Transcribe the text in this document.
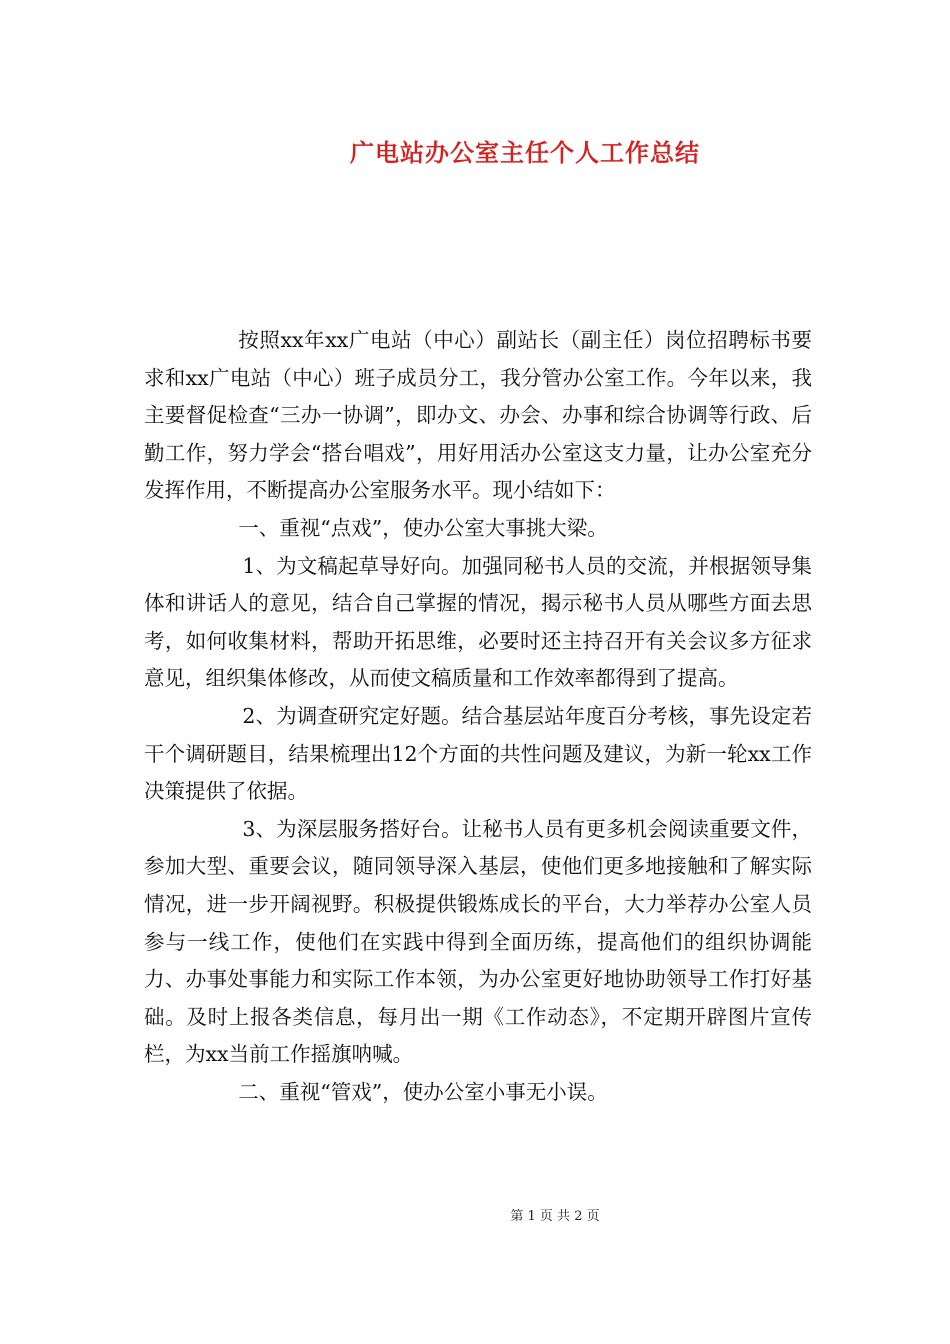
广电站办公室主任个人工作总结

按照xx年xx广电站（中心）副站长（副主任）岗位招聘标书要求和xx广电站（中心）班子成员分工，我分管办公室工作。今年以来，我主要督促检查“三办一协调”，即办文、办会、办事和综合协调等行政、后勤工作，努力学会“搭台唱戏”，用好用活办公室这支力量，让办公室充分发挥作用，不断提高办公室服务水平。现小结如下：

一、重视“点戏”，使办公室大事挑大梁。

1、为文稿起草导好向。加强同秘书人员的交流，并根据领导集体和讲话人的意见，结合自己掌握的情况，揭示秘书人员从哪些方面去思考，如何收集材料，帮助开拓思维，必要时还主持召开有关会议多方征求意见，组织集体修改，从而使文稿质量和工作效率都得到了提高。

2、为调查研究定好题。结合基层站年度百分考核，事先设定若干个调研题目，结果梳理出12个方面的共性问题及建议，为新一轮xx工作决策提供了依据。

3、为深层服务搭好台。让秘书人员有更多机会阅读重要文件，参加大型、重要会议，随同领导深入基层，使他们更多地接触和了解实际情况，进一步开阔视野。积极提供锻炼成长的平台，大力举荐办公室人员参与一线工作，使他们在实践中得到全面历练，提高他们的组织协调能力、办事处事能力和实际工作本领，为办公室更好地协助领导工作打好基础。及时上报各类信息，每月出一期《工作动态》，不定期开辟图片宣传栏，为xx当前工作摇旗呐喊。

二、重视“管戏”，使办公室小事无小误。

第 1 页 共 2 页
